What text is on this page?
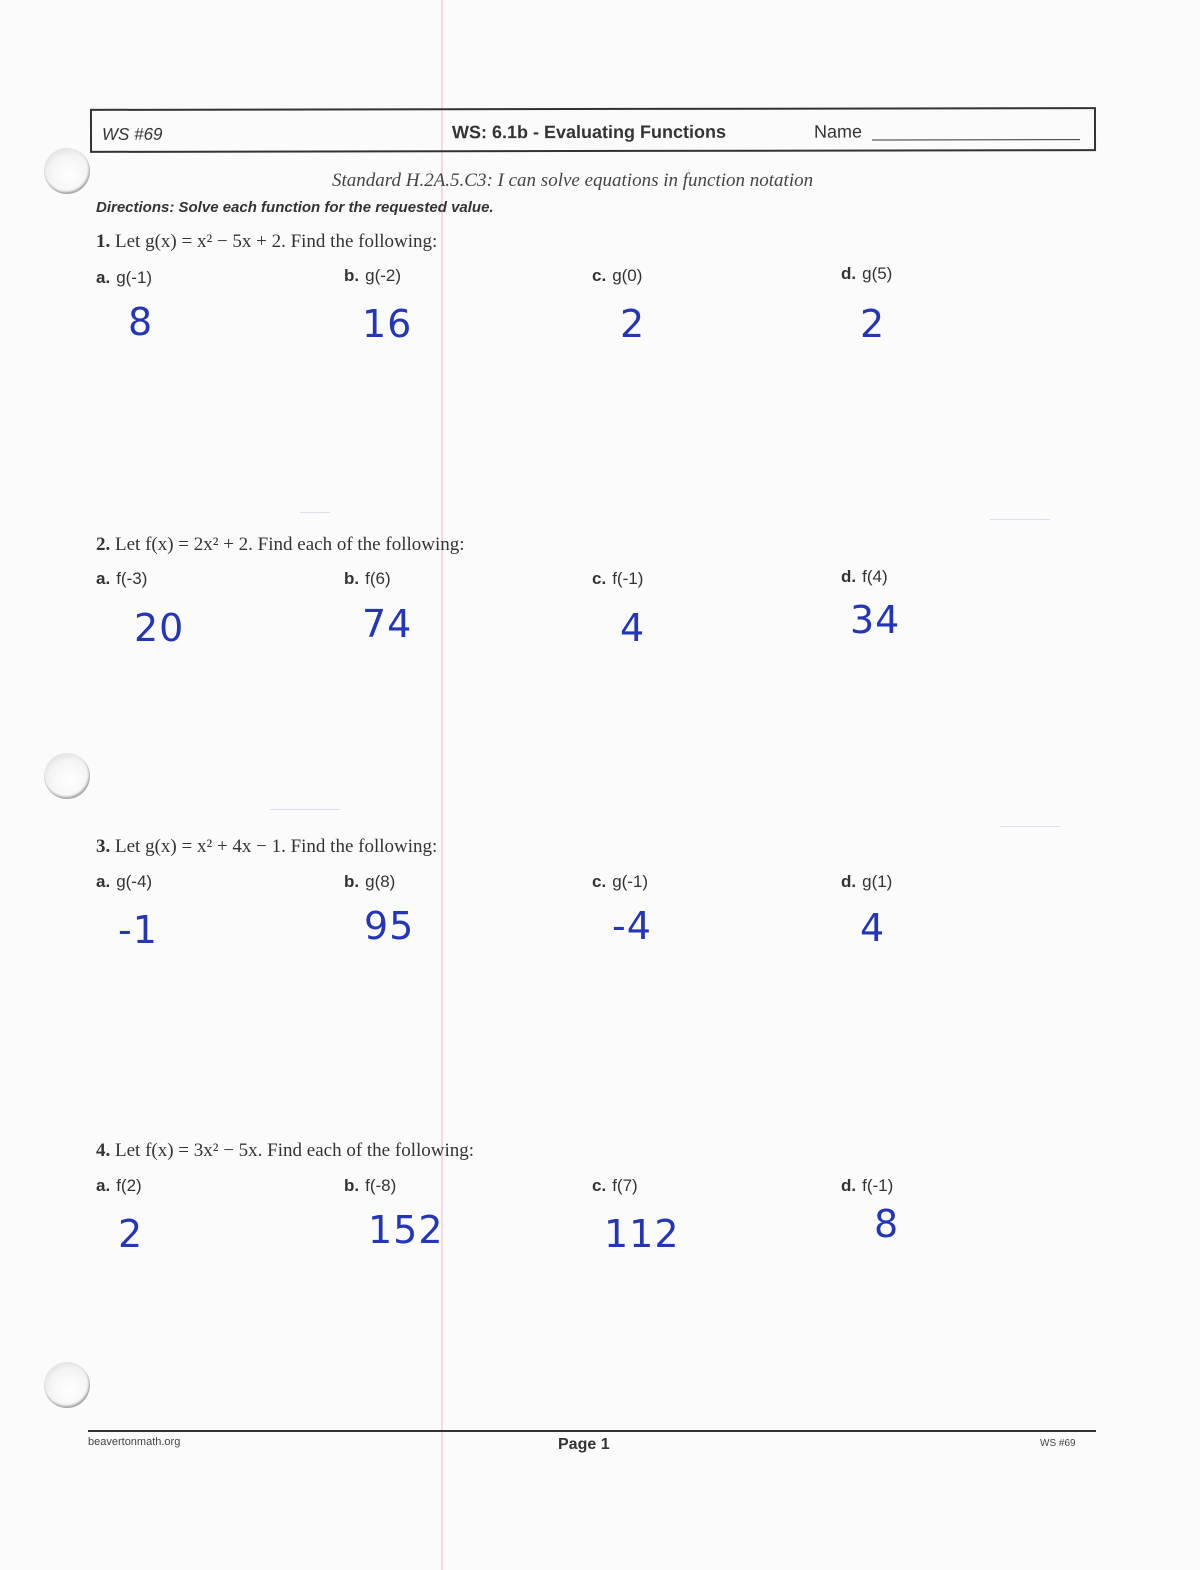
WS #69	WS: 6.1b - Evaluating Functions	Name
Standard H.2A.5.C3: I can solve equations in function notation
Directions: Solve each function for the requested value.
1. Let g(x) = x² − 5x + 2. Find the following:
a. g(-1)	b. g(-2)	c. g(0)	d. g(5)
8	16	2	2
2. Let f(x) = 2x² + 2. Find each of the following:
a. f(-3)	b. f(6)	c. f(-1)	d. f(4)
20	74	4	34
3. Let g(x) = x² + 4x − 1. Find the following:
a. g(-4)	b. g(8)	c. g(-1)	d. g(1)
-1	95	-4	4
4. Let f(x) = 3x² − 5x. Find each of the following:
a. f(2)	b. f(-8)	c. f(7)	d. f(-1)
2	152	112	8
beavertonmath.org	Page 1	WS #69
